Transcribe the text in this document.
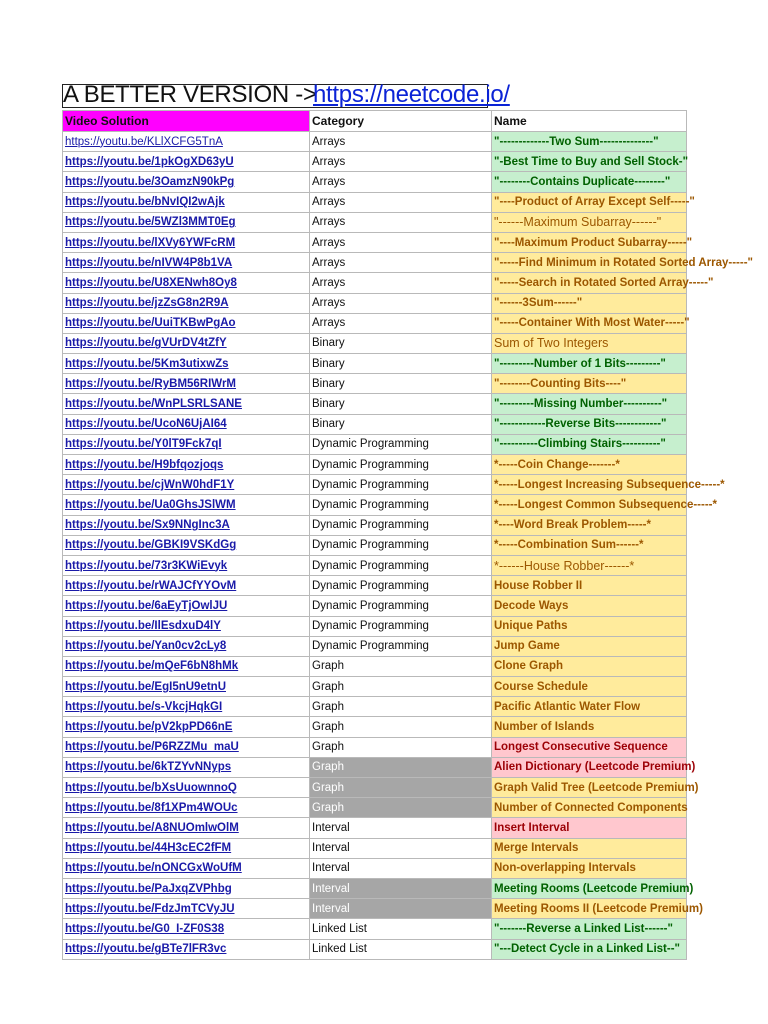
A BETTER VERSION ->
https://neetcode.io/
Video Solution	Category	Name
https://youtu.be/KLlXCFG5TnA	Arrays	"-------------Two Sum--------------"
https://youtu.be/1pkOgXD63yU	Arrays	"-Best Time to Buy and Sell Stock-"
https://youtu.be/3OamzN90kPg	Arrays	"--------Contains Duplicate--------"
https://youtu.be/bNvIQI2wAjk	Arrays	"----Product of Array Except Self-----"
https://youtu.be/5WZl3MMT0Eg	Arrays	"------Maximum Subarray------"
https://youtu.be/lXVy6YWFcRM	Arrays	"----Maximum Product Subarray-----"
https://youtu.be/nIVW4P8b1VA	Arrays	"-----Find Minimum in Rotated Sorted Array-----"
https://youtu.be/U8XENwh8Oy8	Arrays	"-----Search in Rotated Sorted Array-----"
https://youtu.be/jzZsG8n2R9A	Arrays	"------3Sum------"
https://youtu.be/UuiTKBwPgAo	Arrays	"-----Container With Most Water-----"
https://youtu.be/gVUrDV4tZfY	Binary	Sum of Two Integers
https://youtu.be/5Km3utixwZs	Binary	"---------Number of 1 Bits---------"
https://youtu.be/RyBM56RIWrM	Binary	"--------Counting Bits----"
https://youtu.be/WnPLSRLSANE	Binary	"---------Missing Number----------"
https://youtu.be/UcoN6UjAI64	Binary	"------------Reverse Bits------------"
https://youtu.be/Y0lT9Fck7qI	Dynamic Programming	"----------Climbing Stairs----------"
https://youtu.be/H9bfqozjoqs	Dynamic Programming	*-----Coin Change-------*
https://youtu.be/cjWnW0hdF1Y	Dynamic Programming	*-----Longest Increasing Subsequence-----*
https://youtu.be/Ua0GhsJSlWM	Dynamic Programming	*-----Longest Common Subsequence-----*
https://youtu.be/Sx9NNgInc3A	Dynamic Programming	*----Word Break Problem-----*
https://youtu.be/GBKI9VSKdGg	Dynamic Programming	*-----Combination Sum------*
https://youtu.be/73r3KWiEvyk	Dynamic Programming	*------House Robber------*
https://youtu.be/rWAJCfYYOvM	Dynamic Programming	House Robber II
https://youtu.be/6aEyTjOwlJU	Dynamic Programming	Decode Ways
https://youtu.be/IlEsdxuD4lY	Dynamic Programming	Unique Paths
https://youtu.be/Yan0cv2cLy8	Dynamic Programming	Jump Game
https://youtu.be/mQeF6bN8hMk	Graph	Clone Graph
https://youtu.be/EgI5nU9etnU	Graph	Course Schedule
https://youtu.be/s-VkcjHqkGI	Graph	Pacific Atlantic Water Flow
https://youtu.be/pV2kpPD66nE	Graph	Number of Islands
https://youtu.be/P6RZZMu_maU	Graph	Longest Consecutive Sequence
https://youtu.be/6kTZYvNNyps	Graph	Alien Dictionary (Leetcode Premium)
https://youtu.be/bXsUuownnoQ	Graph	Graph Valid Tree (Leetcode Premium)
https://youtu.be/8f1XPm4WOUc	Graph	Number of Connected Components
https://youtu.be/A8NUOmlwOlM	Interval	Insert Interval
https://youtu.be/44H3cEC2fFM	Interval	Merge Intervals
https://youtu.be/nONCGxWoUfM	Interval	Non-overlapping Intervals
https://youtu.be/PaJxqZVPhbg	Interval	Meeting Rooms (Leetcode Premium)
https://youtu.be/FdzJmTCVyJU	Interval	Meeting Rooms II (Leetcode Premium)
https://youtu.be/G0_I-ZF0S38	Linked List	"-------Reverse a Linked List------"
https://youtu.be/gBTe7lFR3vc	Linked List	"---Detect Cycle in a Linked List--"
